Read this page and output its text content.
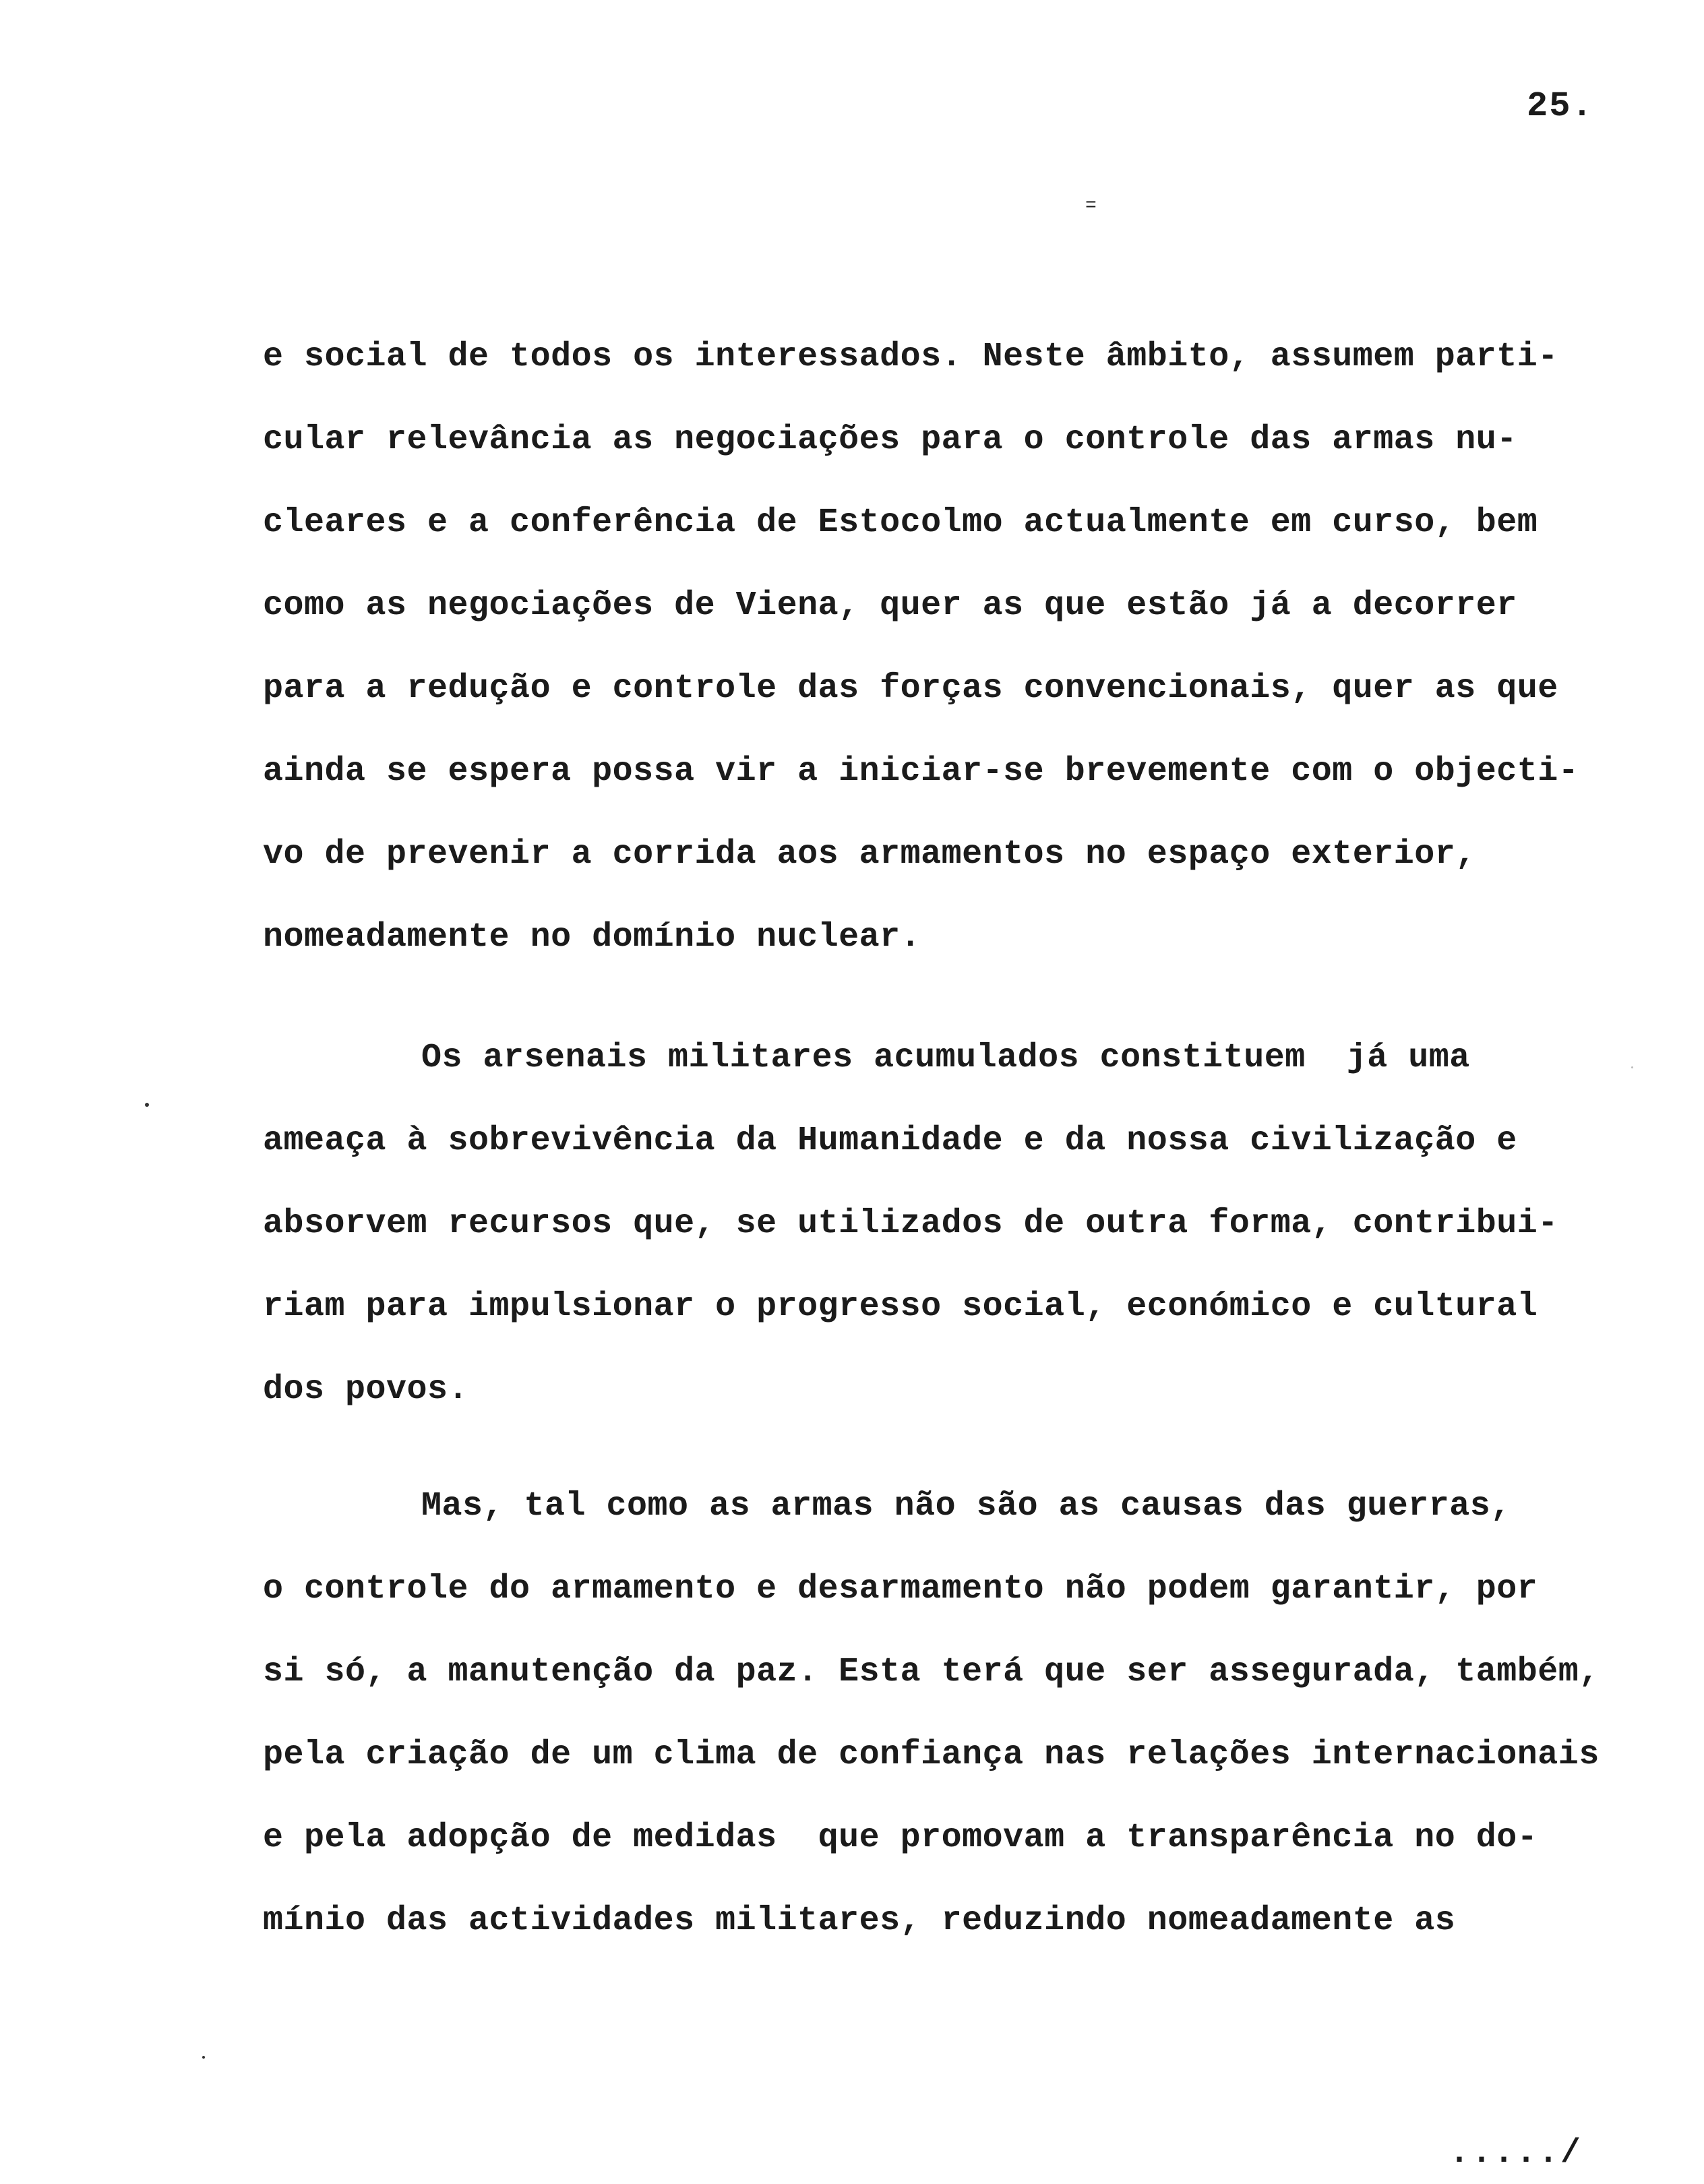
25.
=

e social de todos os interessados. Neste âmbito, assumem parti-

cular relevância as negociações para o controle das armas nu-

cleares e a conferência de Estocolmo actualmente em curso, bem

como as negociações de Viena, quer as que estão já a decorrer

para a redução e controle das forças convencionais, quer as que

ainda se espera possa vir a iniciar-se brevemente com o objecti-

vo de prevenir a corrida aos armamentos no espaço exterior,

nomeadamente no domínio nuclear.

Os arsenais militares acumulados constituem  já uma

ameaça à sobrevivência da Humanidade e da nossa civilização e

absorvem recursos que, se utilizados de outra forma, contribui-

riam para impulsionar o progresso social, económico e cultural

dos povos.

Mas, tal como as armas não são as causas das guerras,

o controle do armamento e desarmamento não podem garantir, por

si só, a manutenção da paz. Esta terá que ser assegurada, também,

pela criação de um clima de confiança nas relações internacionais

e pela adopção de medidas  que promovam a transparência no do-

mínio das actividades militares, reduzindo nomeadamente as

...../
